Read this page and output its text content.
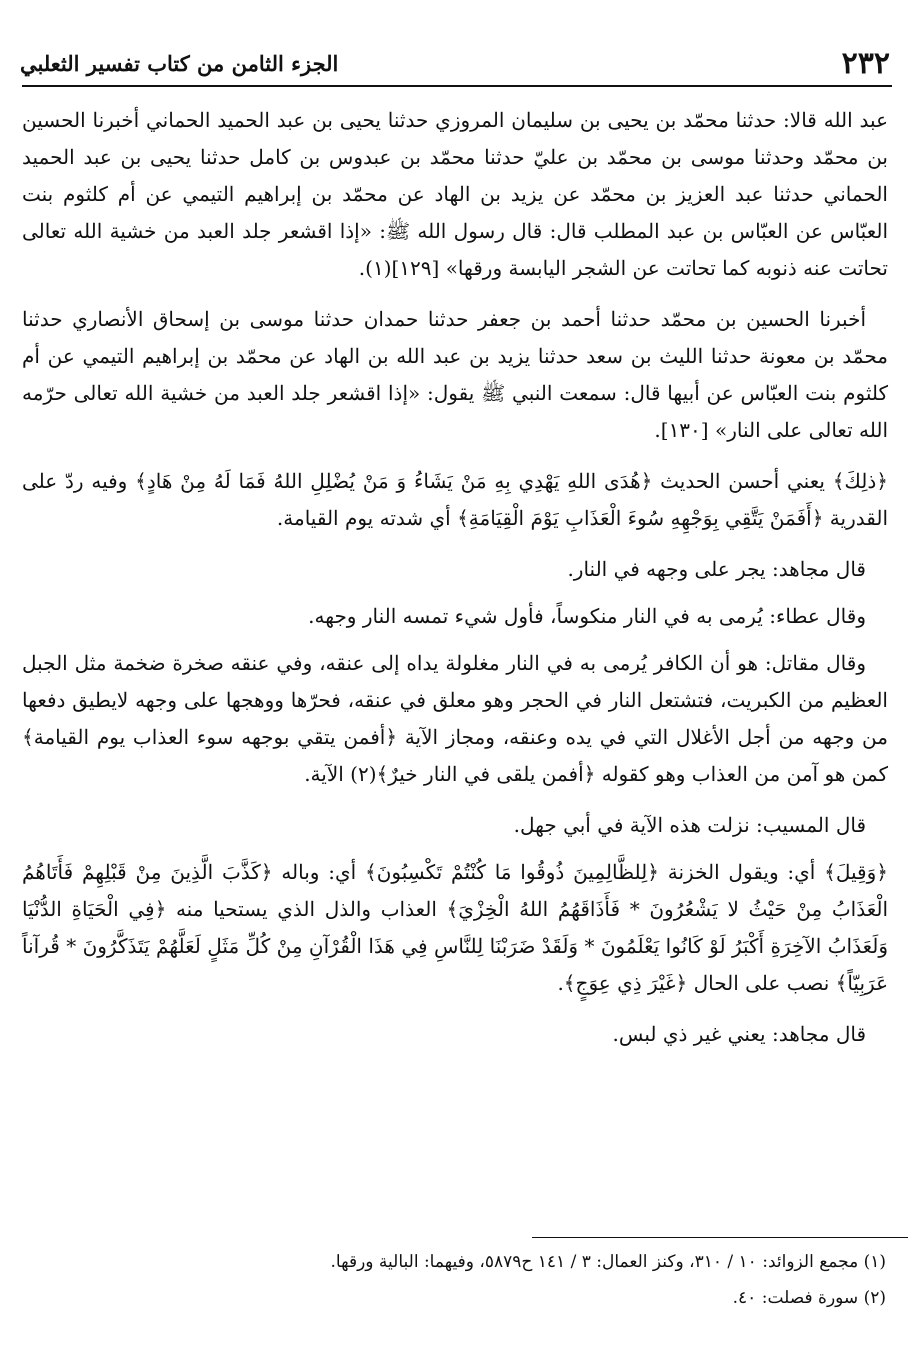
٢٣٢
الجزء الثامن من كتاب تفسير الثعلبي

عبد الله قالا: حدثنا محمّد بن يحيى بن سليمان المروزي حدثنا يحيى بن عبد الحميد الحماني أخبرنا الحسين بن محمّد وحدثنا موسى بن محمّد بن عليّ حدثنا محمّد بن عبدوس بن كامل حدثنا يحيى بن عبد الحميد الحماني حدثنا عبد العزيز بن محمّد عن يزيد بن الهاد عن محمّد بن إبراهيم التيمي عن أم كلثوم بنت العبّاس عن العبّاس بن عبد المطلب قال: قال رسول الله ﷺ: «إذا اقشعر جلد العبد من خشية الله تعالى تحاتت عنه ذنوبه كما تحاتت عن الشجر اليابسة ورقها» [١٢٩](١).

أخبرنا الحسين بن محمّد حدثنا أحمد بن جعفر حدثنا حمدان حدثنا موسى بن إسحاق الأنصاري حدثنا محمّد بن معونة حدثنا الليث بن سعد حدثنا يزيد بن عبد الله بن الهاد عن محمّد بن إبراهيم التيمي عن أم كلثوم بنت العبّاس عن أبيها قال: سمعت النبي ﷺ يقول: «إذا اقشعر جلد العبد من خشية الله تعالى حرّمه الله تعالى على النار» [١٣٠].

﴿ذلِكَ﴾ يعني أحسن الحديث ﴿هُدَى اللهِ يَهْدِي بِهِ مَنْ يَشَاءُ وَ مَنْ يُضْلِلِ اللهُ فَمَا لَهُ مِنْ هَادٍ﴾ وفيه ردّ على القدرية ﴿أَفَمَنْ يَتَّقِي بِوَجْهِهِ سُوءَ الْعَذَابِ يَوْمَ الْقِيَامَةِ﴾ أي شدته يوم القيامة.

قال مجاهد: يجر على وجهه في النار.

وقال عطاء: يُرمى به في النار منكوساً، فأول شيء تمسه النار وجهه.

وقال مقاتل: هو أن الكافر يُرمى به في النار مغلولة يداه إلى عنقه، وفي عنقه صخرة ضخمة مثل الجبل العظيم من الكبريت، فتشتعل النار في الحجر وهو معلق في عنقه، فحرّها ووهجها على وجهه لايطيق دفعها من وجهه من أجل الأغلال التي في يده وعنقه، ومجاز الآية ﴿أفمن يتقي بوجهه سوء العذاب يوم القيامة﴾ كمن هو آمن من العذاب وهو كقوله ﴿أفمن يلقى في النار خيرٌ﴾(٢) الآية.

قال المسيب: نزلت هذه الآية في أبي جهل.

﴿وَقِيلَ﴾ أي: ويقول الخزنة ﴿لِلظَّالِمِينَ ذُوقُوا مَا كُنْتُمْ تَكْسِبُونَ﴾ أي: وباله ﴿كَذَّبَ الَّذِينَ مِنْ قَبْلِهِمْ فَأَتَاهُمُ الْعَذَابُ مِنْ حَيْثُ لا يَشْعُرُونَ * فَأَذَاقَهُمُ اللهُ الْخِزْيَ﴾ العذاب والذل الذي يستحيا منه ﴿فِي الْحَيَاةِ الدُّنْيَا وَلَعَذَابُ الآخِرَةِ أَكْبَرُ لَوْ كَانُوا يَعْلَمُونَ * وَلَقَدْ ضَرَبْنَا لِلنَّاسِ فِي هَذَا الْقُرْآنِ مِنْ كُلِّ مَثَلٍ لَعَلَّهُمْ يَتَذَكَّرُونَ * قُرآناً عَرَبِيّاً﴾ نصب على الحال ﴿غَيْرَ ذِي عِوَجٍ﴾.

قال مجاهد: يعني غير ذي لبس.

(١) مجمع الزوائد: ١٠ / ٣١٠، وكنز العمال: ٣ / ١٤١ ح٥٨٧٩، وفيهما: البالية ورقها.

(٢) سورة فصلت: ٤٠.
